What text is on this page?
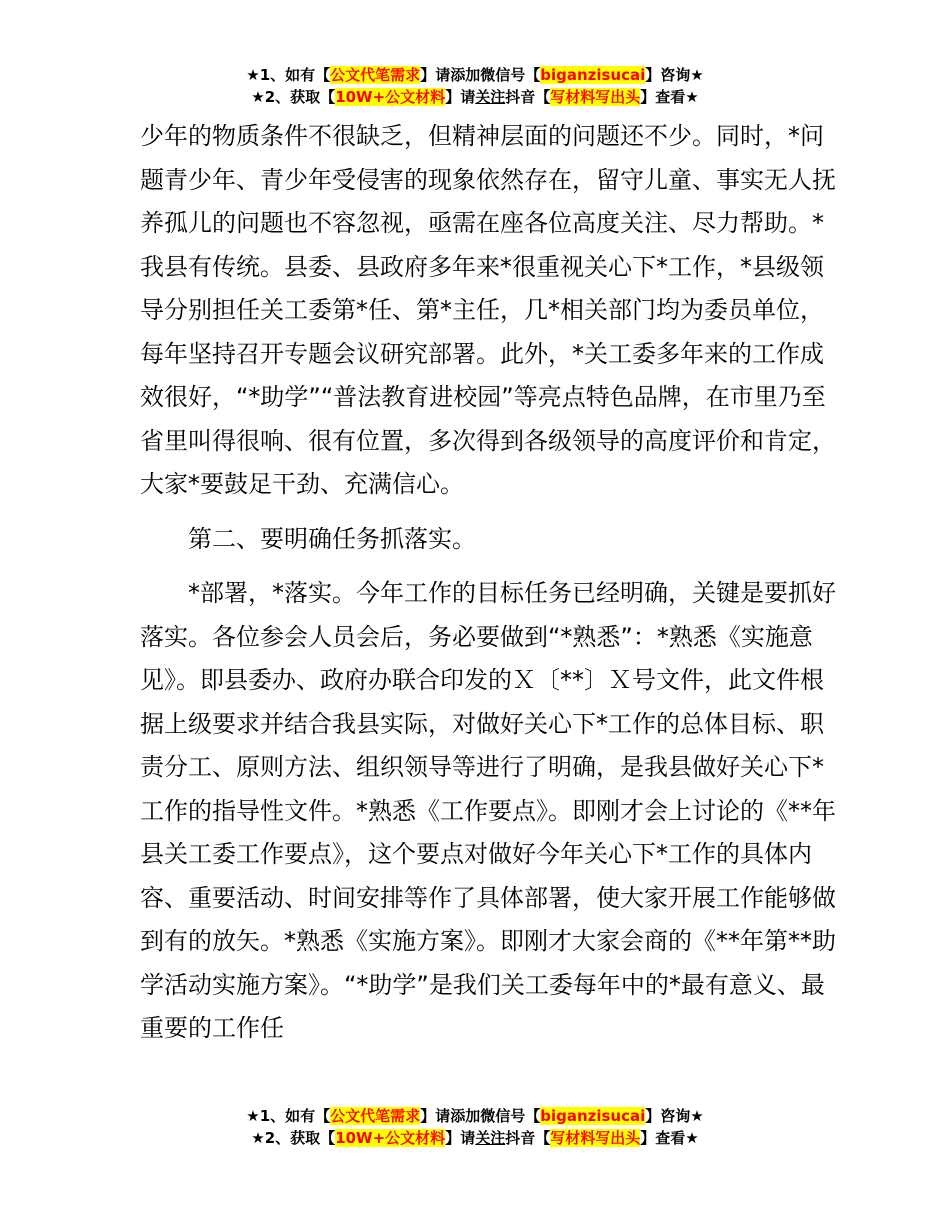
★1、如有【公文代笔需求】请添加微信号【biganzisucai】咨询★
★2、获取【10W+公文材料】请关注抖音【写材料写出头】查看★

少年的物质条件不很缺乏，但精神层面的问题还不少。同时，*问题青少年、青少年受侵害的现象依然存在，留守儿童、事实无人抚养孤儿的问题也不容忽视，亟需在座各位高度关注、尽力帮助。*我县有传统。县委、县政府多年来*很重视关心下*工作，*县级领导分别担任关工委第*任、第*主任，几*相关部门均为委员单位，每年坚持召开专题会议研究部署。此外，*关工委多年来的工作成效很好，“*助学”“普法教育进校园”等亮点特色品牌，在市里乃至省里叫得很响、很有位置，多次得到各级领导的高度评价和肯定，大家*要鼓足干劲、充满信心。

第二、要明确任务抓落实。

*部署，*落实。今年工作的目标任务已经明确，关键是要抓好落实。各位参会人员会后，务必要做到“*熟悉”：*熟悉《实施意见》。即县委办、政府办联合印发的Ｘ〔**〕Ｘ号文件，此文件根据上级要求并结合我县实际，对做好关心下*工作的总体目标、职责分工、原则方法、组织领导等进行了明确，是我县做好关心下*工作的指导性文件。*熟悉《工作要点》。即刚才会上讨论的《**年县关工委工作要点》，这个要点对做好今年关心下*工作的具体内容、重要活动、时间安排等作了具体部署，使大家开展工作能够做到有的放矢。*熟悉《实施方案》。即刚才大家会商的《**年第**助学活动实施方案》。“*助学”是我们关工委每年中的*最有意义、最重要的工作任

★1、如有【公文代笔需求】请添加微信号【biganzisucai】咨询★
★2、获取【10W+公文材料】请关注抖音【写材料写出头】查看★
